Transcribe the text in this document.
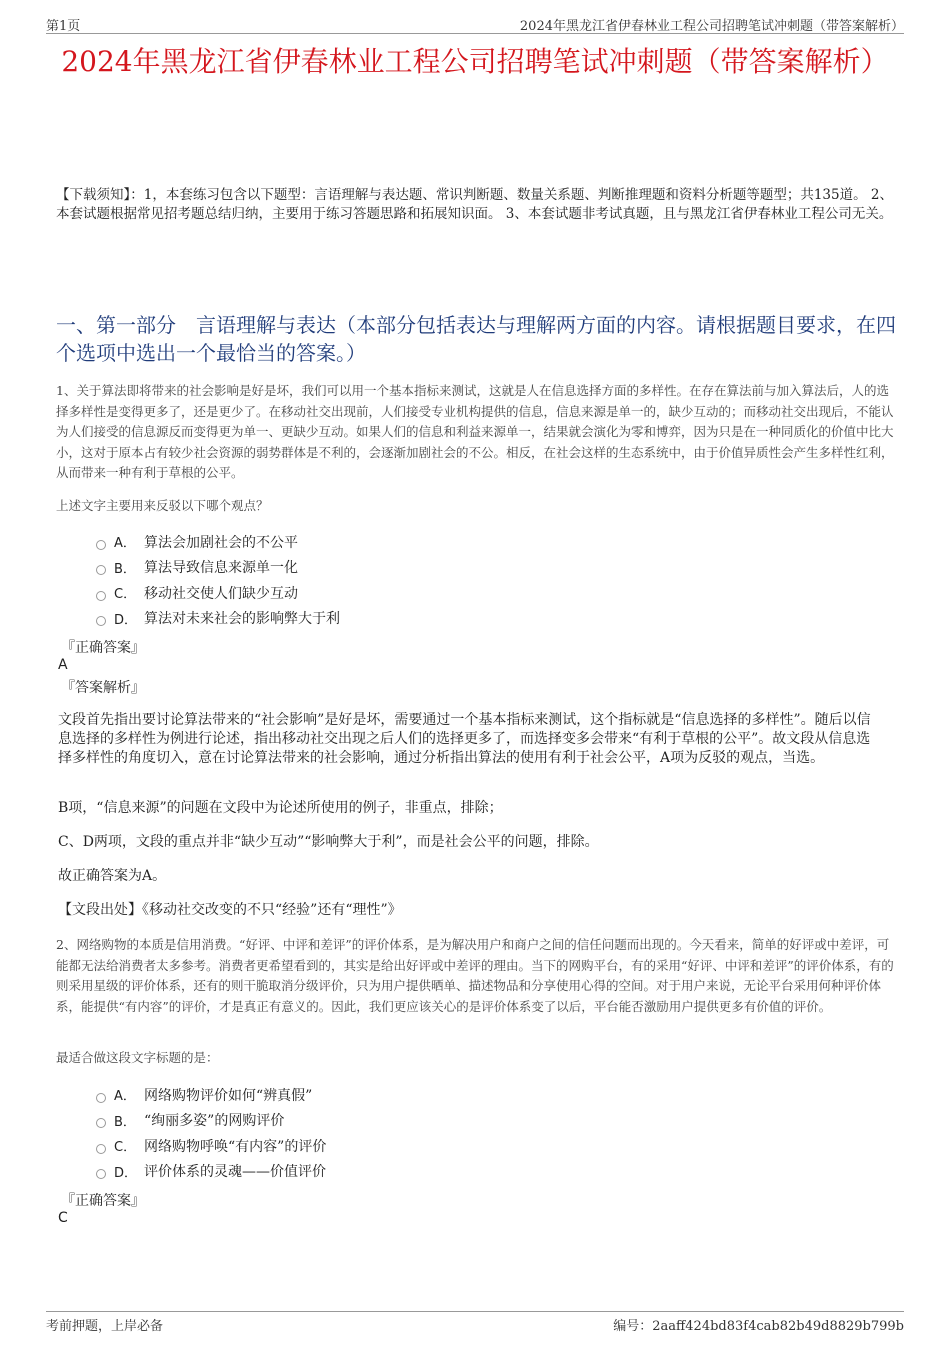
第1页	2024年黑龙江省伊春林业工程公司招聘笔试冲刺题（带答案解析）
2024年黑龙江省伊春林业工程公司招聘笔试冲刺题（带答案解析）
【下载须知】：1，本套练习包含以下题型：言语理解与表达题、常识判断题、数量关系题、判断推理题和资料分析题等题型；共135道。 2、本套试题根据常见招考题总结归纳，主要用于练习答题思路和拓展知识面。 3、本套试题非考试真题，且与黑龙江省伊春林业工程公司无关。
一、第一部分　言语理解与表达（本部分包括表达与理解两方面的内容。请根据题目要求，在四个选项中选出一个最恰当的答案。）
1、关于算法即将带来的社会影响是好是坏，我们可以用一个基本指标来测试，这就是人在信息选择方面的多样性。在存在算法前与加入算法后，人的选择多样性是变得更多了，还是更少了。在移动社交出现前，人们接受专业机构提供的信息，信息来源是单一的，缺少互动的；而移动社交出现后，不能认为人们接受的信息源反而变得更为单一、更缺少互动。如果人们的信息和利益来源单一，结果就会演化为零和博弈，因为只是在一种同质化的价值中比大小，这对于原本占有较少社会资源的弱势群体是不利的，会逐渐加剧社会的不公。相反，在社会这样的生态系统中，由于价值异质性会产生多样性红利，从而带来一种有利于草根的公平。
上述文字主要用来反驳以下哪个观点？
A． 算法会加剧社会的不公平
B． 算法导致信息来源单一化
C． 移动社交使人们缺少互动
D． 算法对未来社会的影响弊大于利
『正确答案』
A
『答案解析』
文段首先指出要讨论算法带来的“社会影响”是好是坏，需要通过一个基本指标来测试，这个指标就是“信息选择的多样性”。随后以信息选择的多样性为例进行论述，指出移动社交出现之后人们的选择更多了，而选择变多会带来“有利于草根的公平”。故文段从信息选择多样性的角度切入，意在讨论算法带来的社会影响，通过分析指出算法的使用有利于社会公平，A项为反驳的观点，当选。
B项，“信息来源”的问题在文段中为论述所使用的例子，非重点，排除；
C、D两项，文段的重点并非“缺少互动”“影响弊大于利”，而是社会公平的问题，排除。
故正确答案为A。
【文段出处】《移动社交改变的不只“经验”还有“理性”》
2、网络购物的本质是信用消费。“好评、中评和差评”的评价体系，是为解决用户和商户之间的信任问题而出现的。今天看来，简单的好评或中差评，可能都无法给消费者太多参考。消费者更希望看到的，其实是给出好评或中差评的理由。当下的网购平台，有的采用“好评、中评和差评”的评价体系，有的则采用星级的评价体系，还有的则干脆取消分级评价，只为用户提供晒单、描述物品和分享使用心得的空间。对于用户来说，无论平台采用何种评价体系，能提供“有内容”的评价，才是真正有意义的。因此，我们更应该关心的是评价体系变了以后，平台能否激励用户提供更多有价值的评价。
最适合做这段文字标题的是：
A． 网络购物评价如何“辨真假”
B． “绚丽多姿”的网购评价
C． 网络购物呼唤“有内容”的评价
D． 评价体系的灵魂——价值评价
『正确答案』
C
考前押题，上岸必备	编号：2aaff424bd83f4cab82b49d8829b799b
